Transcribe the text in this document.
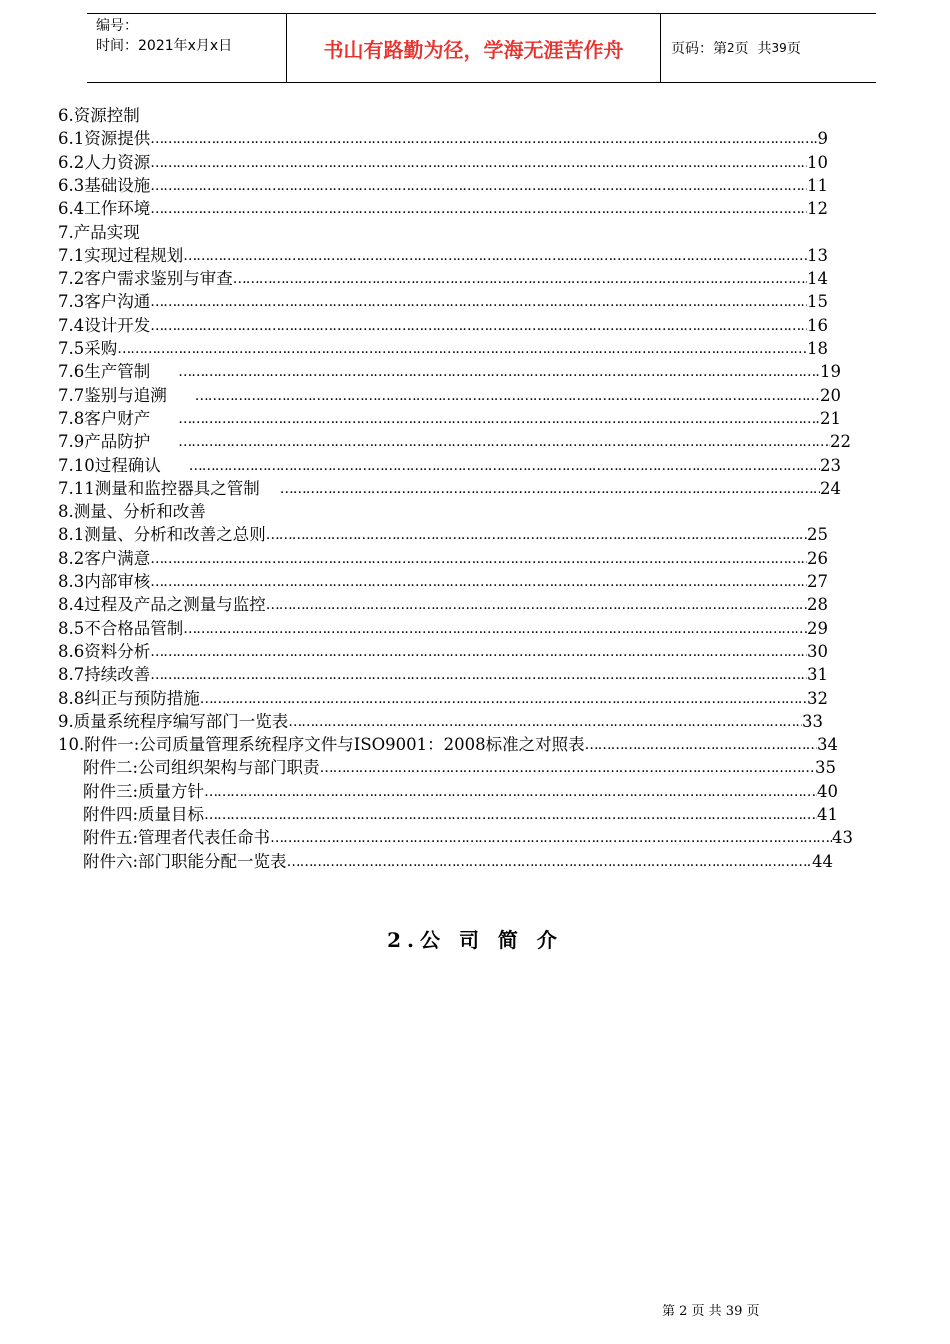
编号：
时间：2021年x月x日	书山有路勤为径，学海无涯苦作舟	页码：第 2 页  共 39 页
6.资源控制
6.1资源提供 ……………………………………………………………………………………………………………………………………………………………………………………………………………………………………………………………………………………………………………………………………	9
6.2人力资源 ……………………………………………………………………………………………………………………………………………………………………………………………………………………………………………………………………………………………………………………………………	10
6.3基础设施 ……………………………………………………………………………………………………………………………………………………………………………………………………………………………………………………………………………………………………………………………………	11
6.4工作环境 ……………………………………………………………………………………………………………………………………………………………………………………………………………………………………………………………………………………………………………………………………	12
7.产品实现
7.1实现过程规划 ……………………………………………………………………………………………………………………………………………………………………………………………………………………………………………………………………………………………………………………………………	13
7.2客户需求鉴别与审查 ……………………………………………………………………………………………………………………………………………………………………………………………………………………………………………………………………………………………………………………………………	14
7.3客户沟通 ……………………………………………………………………………………………………………………………………………………………………………………………………………………………………………………………………………………………………………………………………	15
7.4设计开发 ……………………………………………………………………………………………………………………………………………………………………………………………………………………………………………………………………………………………………………………………………	16
7.5采购 ……………………………………………………………………………………………………………………………………………………………………………………………………………………………………………………………………………………………………………………………………	18
7.6生产管制 ……………………………………………………………………………………………………………………………………………………………………………………………………………………………………………………………………………………………………………………………………	19
7.7鉴别与追溯 ……………………………………………………………………………………………………………………………………………………………………………………………………………………………………………………………………………………………………………………………………	20
7.8客户财产 ……………………………………………………………………………………………………………………………………………………………………………………………………………………………………………………………………………………………………………………………………	21
7.9产品防护 ……………………………………………………………………………………………………………………………………………………………………………………………………………………………………………………………………………………………………………………………………	22
7.10过程确认 ……………………………………………………………………………………………………………………………………………………………………………………………………………………………………………………………………………………………………………………………………	23
7.11测量和监控器具之管制 ……………………………………………………………………………………………………………………………………………………………………………………………………………………………………………………………………………………………………………………………………	24
8.测量、分析和改善
8.1测量、分析和改善之总则 ……………………………………………………………………………………………………………………………………………………………………………………………………………………………………………………………………………………………………………………………………	25
8.2客户满意 ……………………………………………………………………………………………………………………………………………………………………………………………………………………………………………………………………………………………………………………………………	26
8.3内部审核 ……………………………………………………………………………………………………………………………………………………………………………………………………………………………………………………………………………………………………………………………………	27
8.4过程及产品之测量与监控 ……………………………………………………………………………………………………………………………………………………………………………………………………………………………………………………………………………………………………………………………………	28
8.5不合格品管制 ……………………………………………………………………………………………………………………………………………………………………………………………………………………………………………………………………………………………………………………………………	29
8.6资料分析 ……………………………………………………………………………………………………………………………………………………………………………………………………………………………………………………………………………………………………………………………………	30
8.7持续改善 ……………………………………………………………………………………………………………………………………………………………………………………………………………………………………………………………………………………………………………………………………	31
8.8纠正与预防措施 ……………………………………………………………………………………………………………………………………………………………………………………………………………………………………………………………………………………………………………………………………	32
9.质量系统程序编写部门一览表 ……………………………………………………………………………………………………………………………………………………………………………………………………………………………………………………………………………………………………………………………………	33
10.附件一:公司质量管理系统程序文件与ISO9001：2008标准之对照表 ……………………………………………………………………………………………………………………………………………………………………………………………………………………………………………………………………………………………………………………………………	34
附件二:公司组织架构与部门职责 ……………………………………………………………………………………………………………………………………………………………………………………………………………………………………………………………………………………………………………………………………	35
附件三:质量方针 ……………………………………………………………………………………………………………………………………………………………………………………………………………………………………………………………………………………………………………………………………	40
附件四:质量目标 ……………………………………………………………………………………………………………………………………………………………………………………………………………………………………………………………………………………………………………………………………	41
附件五:管理者代表任命书 ……………………………………………………………………………………………………………………………………………………………………………………………………………………………………………………………………………………………………………………………………	43
附件六:部门职能分配一览表 ……………………………………………………………………………………………………………………………………………………………………………………………………………………………………………………………………………………………………………………………………	44
2.公 司 简 介
第 2 页 共 39 页
